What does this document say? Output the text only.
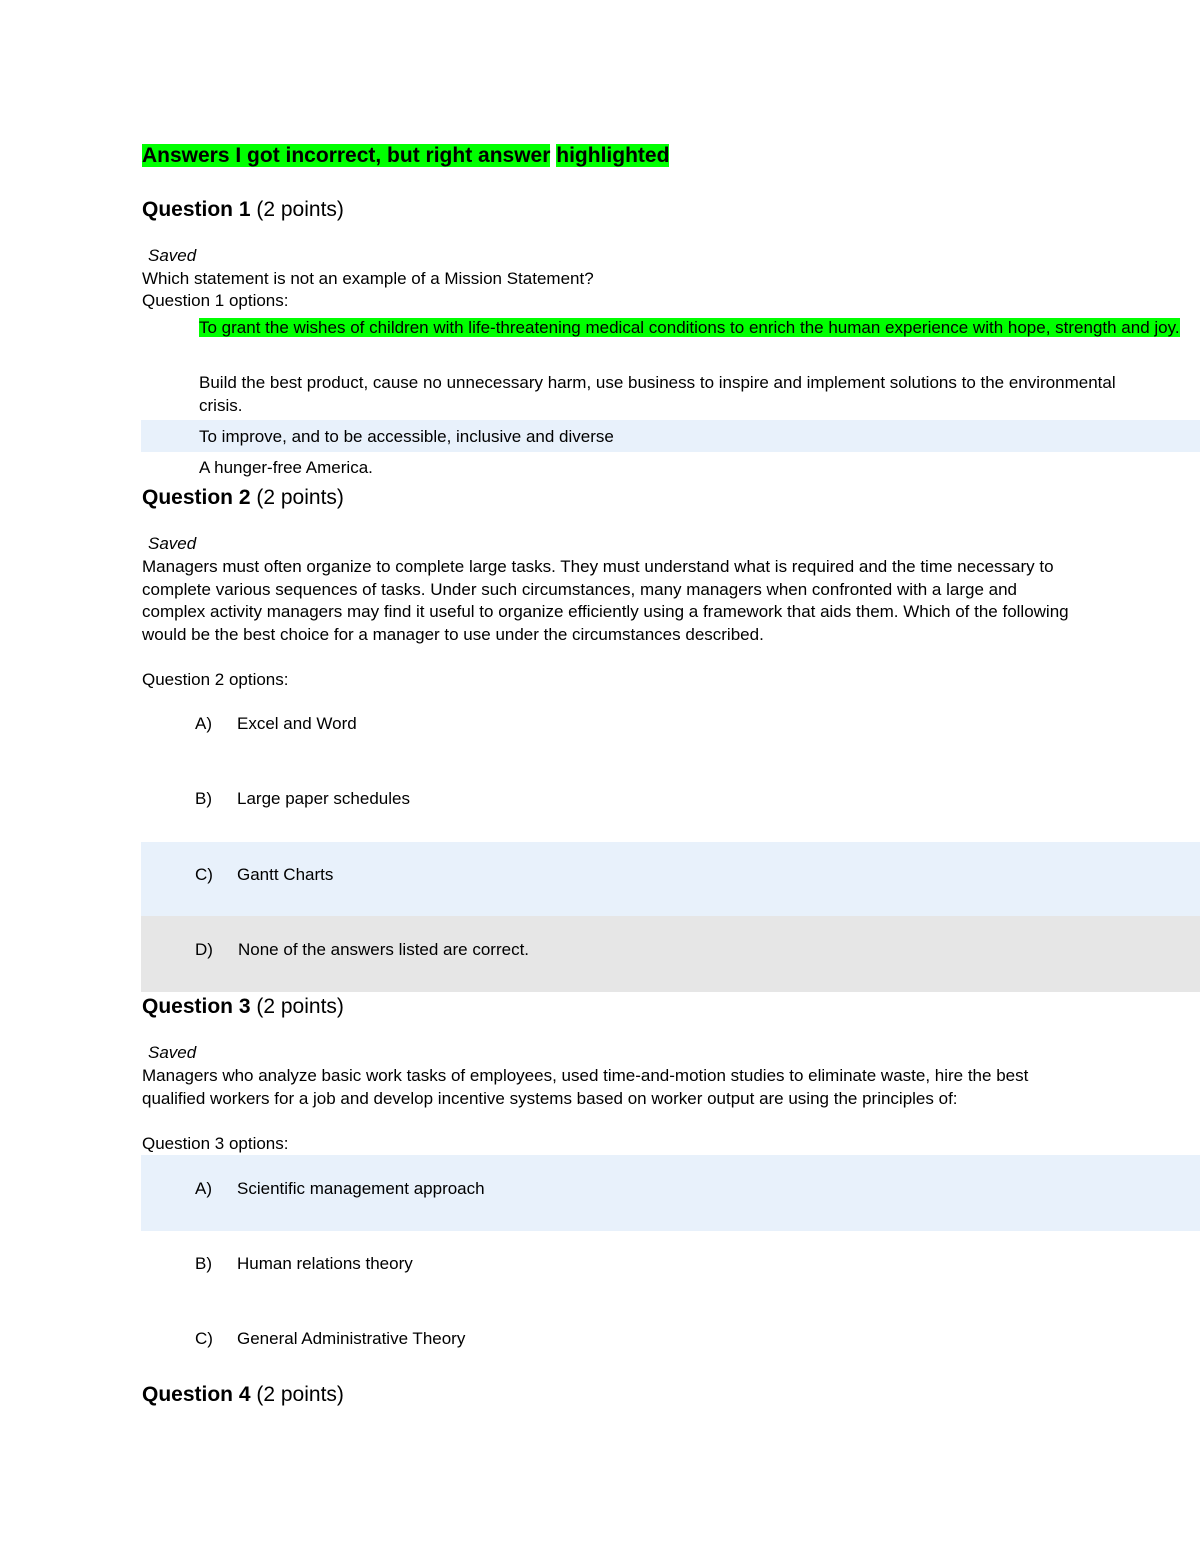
Answers I got incorrect, but right answer highlighted
Question 1 (2 points)
Saved
Which statement is not an example of a Mission Statement?
Question 1 options:
To grant the wishes of children with life-threatening medical conditions to enrich the human experience with hope, strength and joy.
Build the best product, cause no unnecessary harm, use business to inspire and implement solutions to the environmental crisis.
To improve, and to be accessible, inclusive and diverse
A hunger-free America.
Question 2 (2 points)
Saved
Managers must often organize to complete large tasks. They must understand what is required and the time necessary to complete various sequences of tasks. Under such circumstances, many managers when confronted with a large and complex activity managers may find it useful to organize efficiently using a framework that aids them. Which of the following would be the best choice for a manager to use under the circumstances described.
Question 2 options:
A) Excel and Word
B) Large paper schedules
C) Gantt Charts
D) None of the answers listed are correct.
Question 3 (2 points)
Saved
Managers who analyze basic work tasks of employees, used time-and-motion studies to eliminate waste, hire the best qualified workers for a job and develop incentive systems based on worker output are using the principles of:
Question 3 options:
A) Scientific management approach
B) Human relations theory
C) General Administrative Theory
Question 4 (2 points)
